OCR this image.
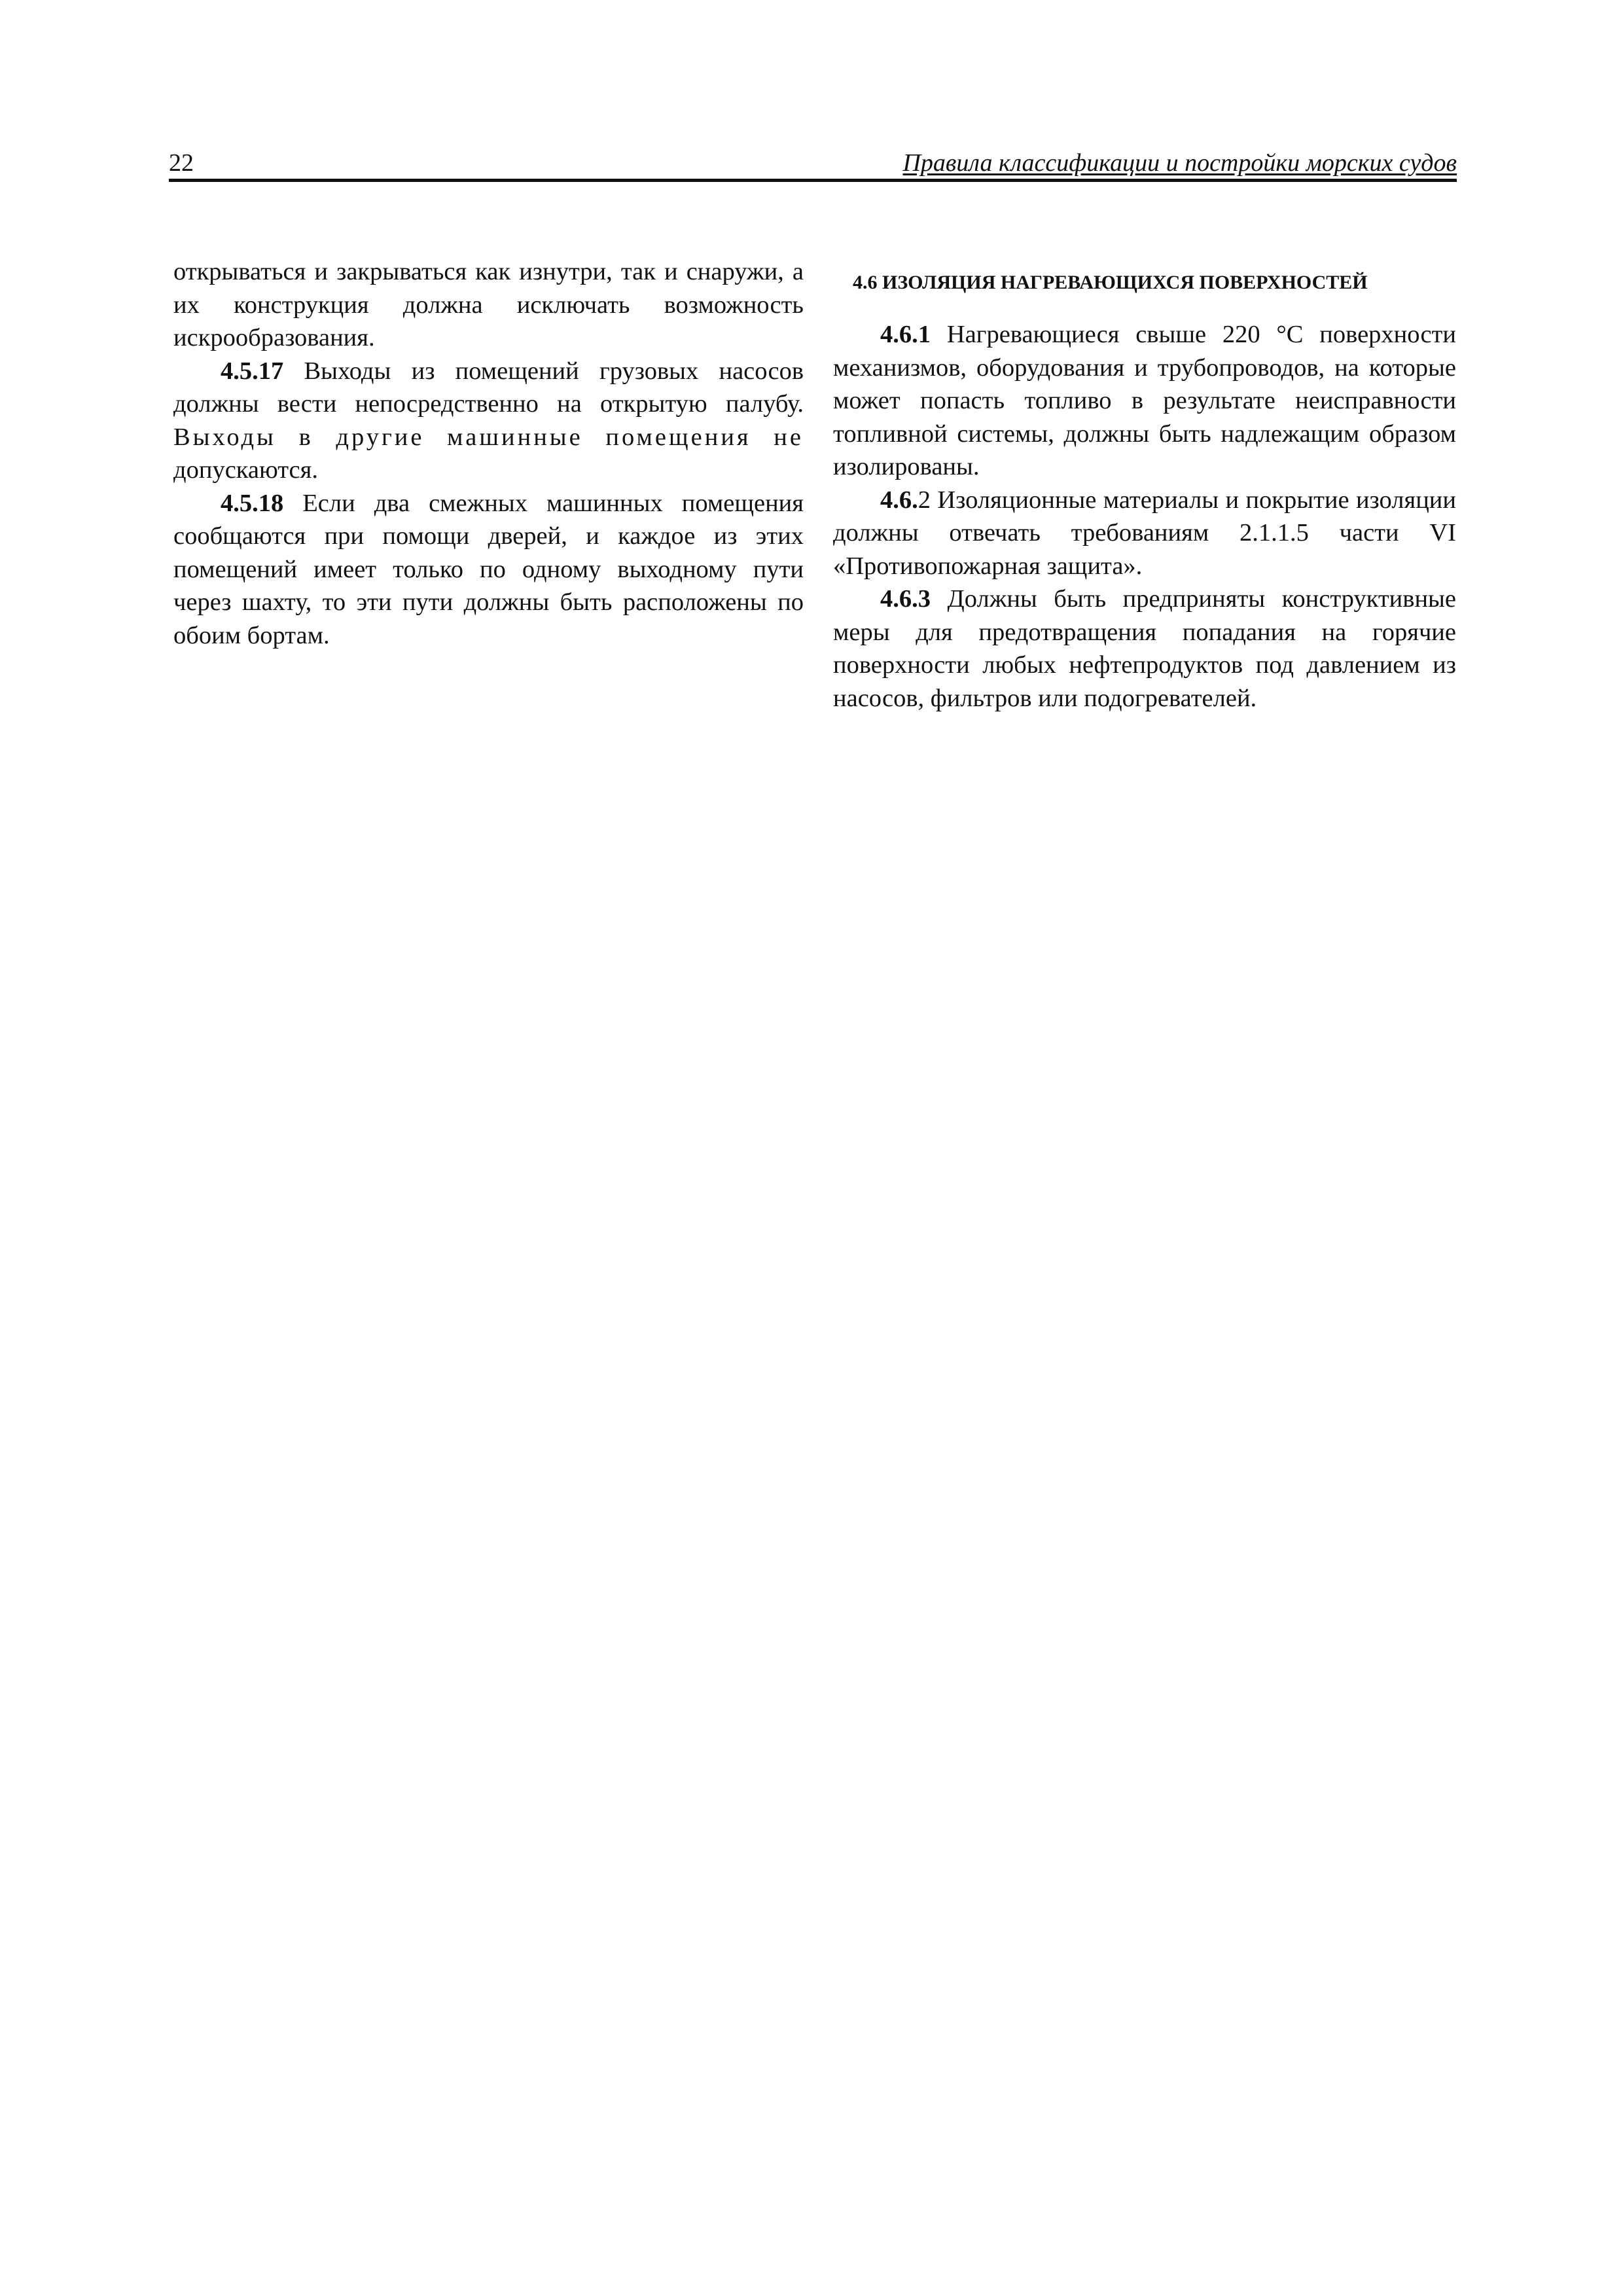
22	Правила классификации и постройки морских судов

открываться и закрываться как изнутри, так и снаружи, а их конструкция должна исключать возможность искрообразования.

4.5.17 Выходы из помещений грузовых насосов должны вести непосредственно на открытую палубу. Выходы в другие машинные помещения не допускаются.

4.5.18 Если два смежных машинных помещения сообщаются при помощи дверей, и каждое из этих помещений имеет только по одному выходному пути через шахту, то эти пути должны быть расположены по обоим бортам.

4.6 ИЗОЛЯЦИЯ НАГРЕВАЮЩИХСЯ ПОВЕРХНОСТЕЙ

4.6.1 Нагревающиеся свыше 220 °С поверхности механизмов, оборудования и трубопроводов, на которые может попасть топливо в результате неисправности топливной системы, должны быть надлежащим образом изолированы.

4.6.2 Изоляционные материалы и покрытие изоляции должны отвечать требованиям 2.1.1.5 части VI «Противопожарная защита».

4.6.3 Должны быть предприняты конструктивные меры для предотвращения попадания на горячие поверхности любых нефтепродуктов под давлением из насосов, фильтров или подогревателей.
